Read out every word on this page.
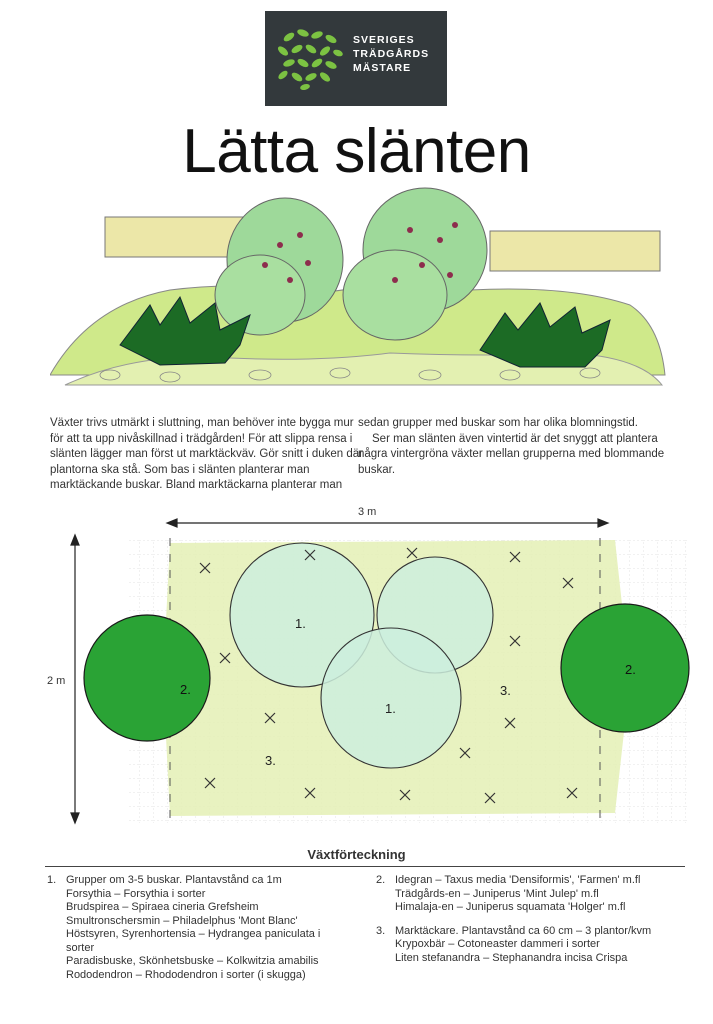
SVERIGES
TRÄDGÅRDS
MÄSTARE
Lätta slänten

Växter trivs utmärkt i sluttning, man behöver inte bygga mur för att ta upp nivåskillnad i trädgården! För att slippa rensa i slänten lägger man först ut marktäckväv. Gör snitt i duken där plantorna ska stå. Som bas i slänten planterar man marktäckande buskar. Bland marktäckarna planterar man

sedan grupper med buskar som har olika blomningstid.

Ser man slänten även vintertid är det snyggt att plantera några vintergröna växter mellan grupperna med blommande buskar.

3 m
2 m
1.
1.
2.
2.
3.
3.
Växtförteckning
1. Grupper om 3-5 buskar. Plantavstånd ca 1m
Forsythia – Forsythia i sorter
Brudspirea – Spiraea cineria Grefsheim
Smultronschersmin – Philadelphus 'Mont Blanc'
Höstsyren, Syrenhortensia – Hydrangea paniculata i sorter
Paradisbuske, Skönhetsbuske – Kolkwitzia amabilis
Rododendron – Rhododendron i sorter (i skugga)
2. Idegran – Taxus media 'Densiformis', 'Farmen' m.fl
Trädgårds-en – Juniperus 'Mint Julep' m.fl
Himalaja-en – Juniperus squamata 'Holger' m.fl
3. Marktäckare. Plantavstånd ca 60 cm – 3 plantor/kvm
Krypoxbär – Cotoneaster dammeri i sorter
Liten stefanandra – Stephanandra incisa Crispa
